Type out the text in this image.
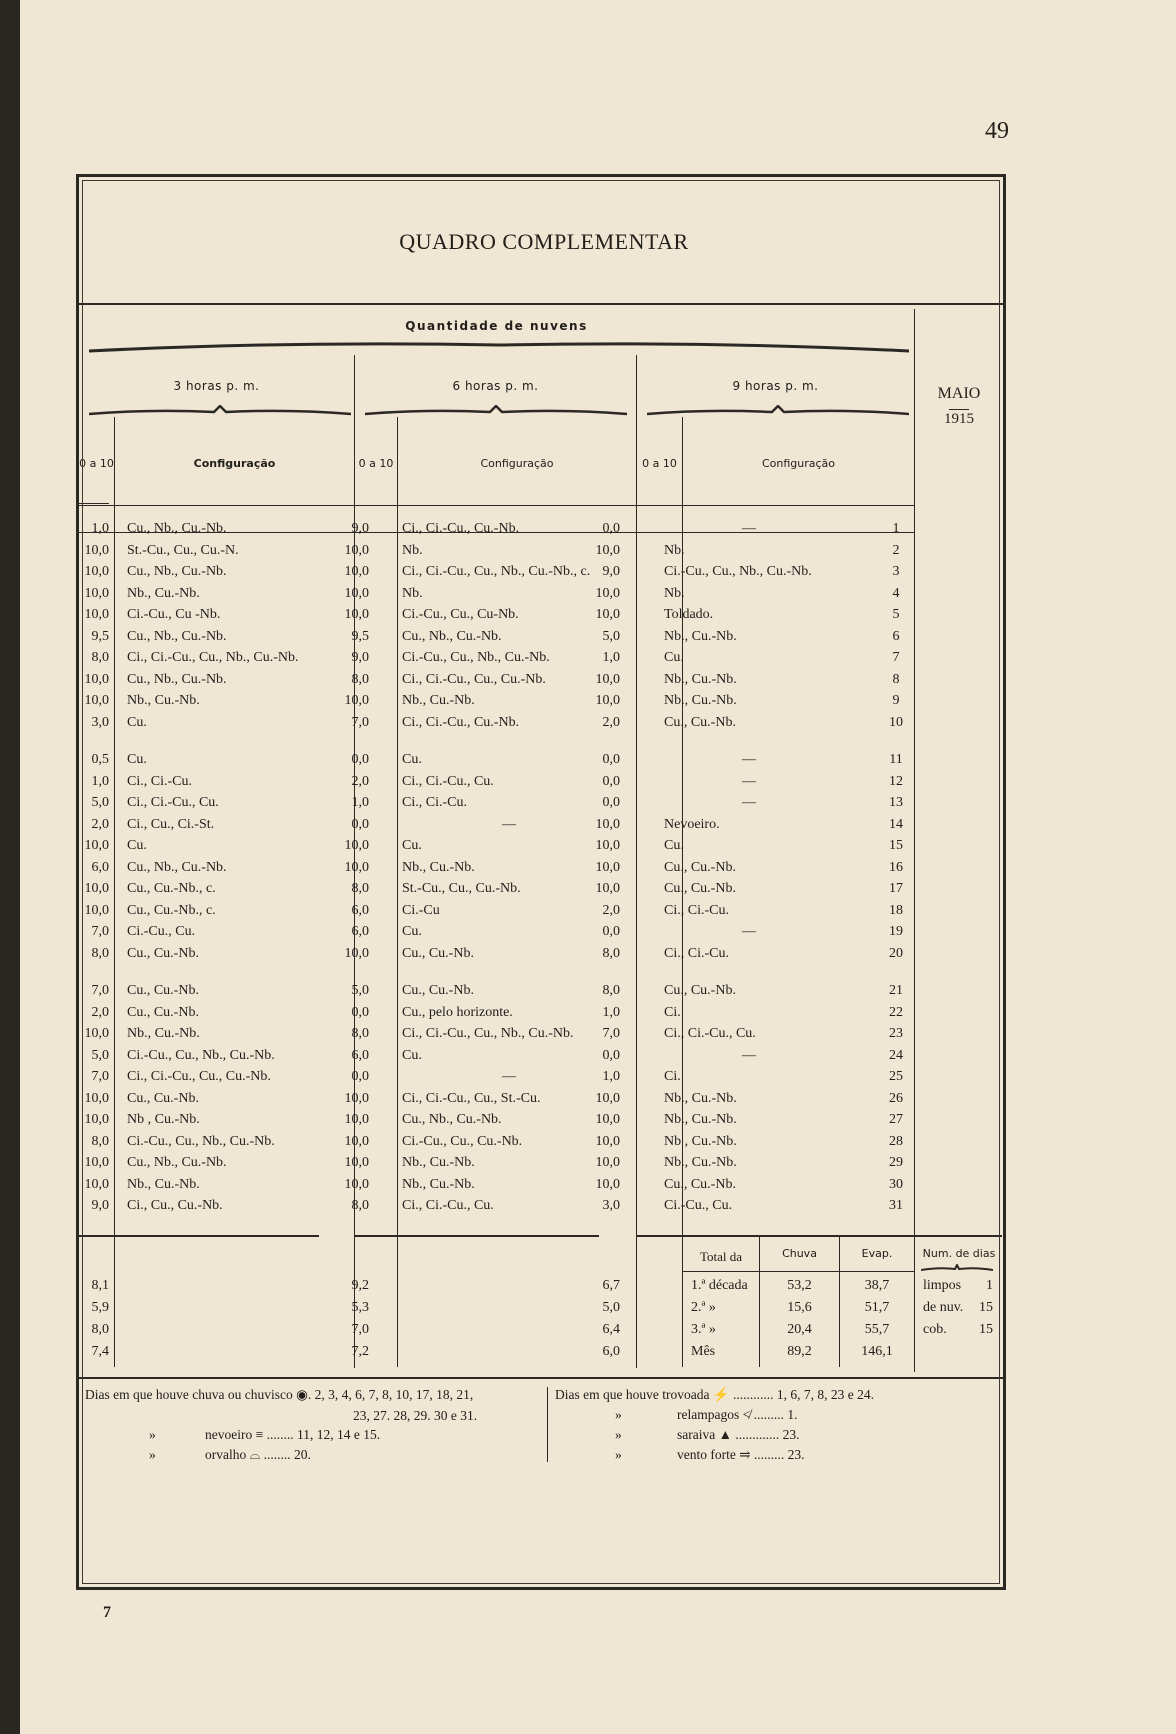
49
QUADRO COMPLEMENTAR
Quantidade de nuvens
3 horas p. m.	6 horas p. m.	9 horas p. m.	MAIO
1915
0 a 10	Configuração	0 a 10	Configuração	0 a 10	Configuração
1,0 Cu., Nb., Cu.-Nb.	9,0 Ci., Ci.-Cu., Cu.-Nb.	0,0	—	1
10,0 St.-Cu., Cu., Cu.-N.	10,0 Nb.	10,0	Nb.	2
10,0 Cu., Nb., Cu.-Nb.	10,0 Ci., Ci.-Cu., Cu., Nb., Cu.-Nb., c. 9,0	Ci.-Cu., Cu., Nb., Cu.-Nb.	3
10,0 Nb., Cu.-Nb.	10,0 Nb.	10,0	Nb.	4
10,0 Ci.-Cu., Cu -Nb.	10,0 Ci.-Cu., Cu., Cu-Nb.	10,0	Toldado.	5
9,5 Cu., Nb., Cu.-Nb.	9,5 Cu., Nb., Cu.-Nb.	5,0	Nb., Cu.-Nb.	6
8,0 Ci., Ci.-Cu., Cu., Nb., Cu.-Nb.	9,0 Ci.-Cu., Cu., Nb., Cu.-Nb.	1,0	Cu.	7
10,0 Cu., Nb., Cu.-Nb.	8,0 Ci., Ci.-Cu., Cu., Cu.-Nb.	10,0	Nb., Cu.-Nb.	8
10,0 Nb., Cu.-Nb.	10,0 Nb., Cu.-Nb.	10,0	Nb., Cu.-Nb.	9
3,0 Cu.	7,0 Ci., Ci.-Cu., Cu.-Nb.	2,0	Cu., Cu.-Nb.	10
0,5 Cu.	0,0 Cu.	0,0	—	11
1,0 Ci., Ci.-Cu.	2,0 Ci., Ci.-Cu., Cu.	0,0	—	12
5,0 Ci., Ci.-Cu., Cu.	1,0 Ci., Ci.-Cu.	0,0	—	13
2,0 Ci., Cu., Ci.-St.	0,0	—	10,0	Nevoeiro.	14
10,0 Cu.	10,0 Cu.	10,0	Cu.	15
6,0 Cu., Nb., Cu.-Nb.	10,0 Nb., Cu.-Nb.	10,0	Cu., Cu.-Nb.	16
10,0 Cu., Cu.-Nb., c.	8,0 St.-Cu., Cu., Cu.-Nb.	10,0	Cu., Cu.-Nb.	17
10,0 Cu., Cu.-Nb., c.	6,0 Ci.-Cu	2,0	Ci., Ci.-Cu.	18
7,0 Ci.-Cu., Cu.	6,0 Cu.	0,0	—	19
8,0 Cu., Cu.-Nb.	10,0 Cu., Cu.-Nb.	8,0	Ci., Ci.-Cu.	20
7,0 Cu., Cu.-Nb.	5,0 Cu., Cu.-Nb.	8,0	Cu., Cu.-Nb.	21
2,0 Cu., Cu.-Nb.	0,0 Cu., pelo horizonte.	1,0	Ci.	22
10,0 Nb., Cu.-Nb.	8,0 Ci., Ci.-Cu., Cu., Nb., Cu.-Nb.	7,0	Ci., Ci.-Cu., Cu.	23
5,0 Ci.-Cu., Cu., Nb., Cu.-Nb.	6,0 Cu.	0,0	—	24
7,0 Ci., Ci.-Cu., Cu., Cu.-Nb.	0,0	—	1,0	Ci.	25
10,0 Cu., Cu.-Nb.	10,0 Ci., Ci.-Cu., Cu., St.-Cu.	10,0	Nb., Cu.-Nb.	26
10,0 Nb , Cu.-Nb.	10,0 Cu., Nb., Cu.-Nb.	10,0	Nb., Cu.-Nb.	27
8,0 Ci.-Cu., Cu., Nb., Cu.-Nb.	10,0 Ci.-Cu., Cu., Cu.-Nb.	10,0	Nb , Cu.-Nb.	28
10,0 Cu., Nb., Cu.-Nb.	10,0 Nb., Cu.-Nb.	10,0	Nb., Cu.-Nb.	29
10,0 Nb., Cu.-Nb.	10,0 Nb., Cu.-Nb.	10,0	Cu., Cu.-Nb.	30
9,0 Ci., Cu., Cu.-Nb.	8,0 Ci., Ci.-Cu., Cu.	3,0	Ci.-Cu., Cu.	31
Total da	Chuva	Evap.	Num. de dias
8,1	9,2	6,7	1.ª década	53,2	38,7	limpos	1
5,9	5,3	5,0	2.ª »	15,6	51,7	de nuv.	15
8,0	7,0	6,4	3.ª »	20,4	55,7	cob.	15
7,4	7,2	6,0	Mês	89,2	146,1
Dias em que houve chuva ou chuvisco ◉. 2, 3, 4, 6, 7, 8, 10, 17, 18, 21,
23, 27. 28, 29. 30 e 31.
»	nevoeiro ≡ ........ 11, 12, 14 e 15.
»	orvalho ⌓ ........ 20.
Dias em que houve trovoada ⚡ ............ 1, 6, 7, 8, 23 e 24.
»	relampagos ≮ ......... 1.
»	saraiva ▲ ............. 23.
»	vento forte ⥤ ......... 23.
7
